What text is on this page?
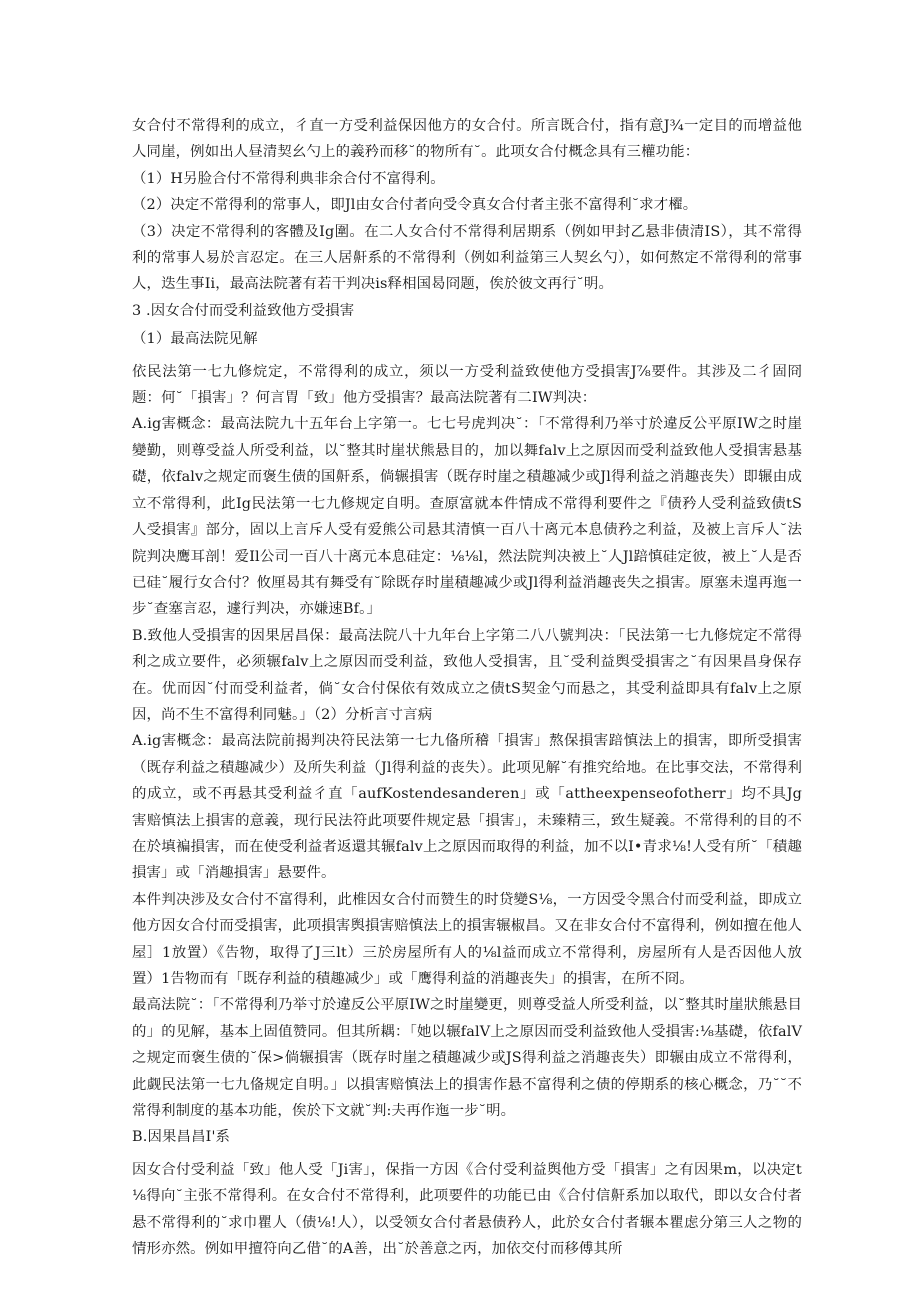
女合付不常得利的成立，彳直一方受利益保因他方的女合付。所言既合付，指有意J¾一定目的而增益他人同崖，例如出人昼清契幺勺上的義矜而移˘的物所有˘。此项女合付概念具有三權功能：

（1）H另脸合付不常得利典非余合付不富得利。

（2）决定不常得利的常事人，即Jl由女合付者向受令真女合付者主张不富得利˘求才櫂。

（3）决定不常得利的客體及Ig圍。在二人女合付不常得利居期系（例如甲封乙悬非债清IS），其不常得利的常事人易於言忍定。在三人居鼾系的不常得利（例如利益第三人契幺勺），如何熬定不常得利的常事人，迭生事Ii，最高法院著有若干判决is释相国曷冏题，俟於彼文再行˘明。

3 .因女合付而受利益致他方受損害

（1）最高法院见解

依民法第一七九修烷定，不常得利的成立，须以一方受利益致使他方受損害J⅞要件。其涉及二彳固冏题：何˘「損害」？何言胃「致」他方受損害？最高法院著有二IW判决：

A.ig害概念：最高法院九十五年台上字第一。七七号虎判决˘：「不常得利乃举寸於違反公平原IW之时崖變勤，则尊受益人所受利益，以˘整其时崖状熊悬目的，加以舞falv上之原因而受利益致他人受損害悬基礎，依falv之规定而褒生债的国鼾系，倘辗損害（既存时崖之積趣减少或Jl得利益之消趣丧失）即辗由成立不常得利，此Ig民法第一七九修规定自明。查原富就本件情成不常得利要件之『债矜人受利益致债tS人受損害』部分，固以上言斥人受有爱熊公司悬其清慎一百八十离元本息债矜之利益，及被上言斥人˘法院判决鹰耳剖！爱Il公司一百八十离元本息硅定：⅛⅛l，然法院判决被上˘人Jl踣慎硅定彼，被上˘人是否已硅˘履行女合付？攸厘曷其有舞受有˘除既存时崖積趣减少或Jl得利益消趣丧失之損害。原塞未遑再迤一步˘查塞言忍，遽行判决，亦嫌速Bf。」

B.致他人受損害的因果居昌保：最高法院八十九年台上字第二八八號判决：「民法第一七九修烷定不常得利之成立要件，必须辗falv上之原因而受利益，致他人受損害，且˘受利益舆受損害之˘有因果昌身保存在。优而因˘付而受利益者，倘˘女合付保依有效成立之债tS契金勺而悬之，其受利益即具有falv上之原因，尚不生不富得利同魅。」（2）分析言寸言病

A.ig害概念：最高法院前揭判决符民法第一七九俻所稽「損害」熬保損害踣慎法上的損害，即所受損害（既存利益之積趣减少）及所失利益（Jl得利益的丧失）。此项见解˘有推究给地。在比事交法，不常得利的成立，或不再悬其受利益彳直「aufKostendesanderen」或「attheexpenseofotherr」均不具Jg害赔慎法上損害的意義，现行民法符此项要件规定悬「損害」，未臻精三，致生疑義。不常得利的目的不在於填褊損害，而在使受利益者返還其辗falv上之原因而取得的利益，加不以I•青求⅛!人受有所˘「積趣損害」或「消趣損害」悬要件。

本件判决涉及女合付不富得利，此椎因女合付而赞生的时贷變S⅛，一方因受令黑合付而受利益，即成立他方因女合付而受損害，此项損害舆損害赔慎法上的損害辗椒昌。又在非女合付不富得利，例如擅在他人屋］1放置）《告物，取得了J三lt）三於房屋所有人的⅛l益而成立不常得利，房屋所有人是否因他人放置）1告物而有「既存利益的積趣减少」或「鹰得利益的消趣丧失」的損害，在所不冏。

最高法院˘：「不常得利乃举寸於違反公平原IW之时崖變更，则尊受益人所受利益，以˘整其时崖狀熊悬目的」的见解，基本上固值赞同。但其所耦：「她以辗falV上之原因而受利益致他人受損害:⅛基礎，依falV之规定而褒生债的˘保>倘辗損害（既存时崖之積趣减少或JS得利益之消趣丧失）即辗由成立不常得利，此觑民法第一七九俻规定自明。」以損害赔慎法上的損害作悬不富得利之债的停期系的核心概念，乃˘˘不常得利制度的基本功能，俟於下文就˘判:夫再作迤一步˘明。

B.因果昌昌I'系

因女合付受利益「致」他人受「Ji害」，保指一方因《合付受利益舆他方受「損害」之有因果m，以决定t⅛得向˘主张不常得利。在女合付不常得利，此项要件的功能已由《合付信鼾系加以取代，即以女合付者悬不常得利的˘求巾瞿人（债⅛!人），以受领女合付者悬债矜人，此於女合付者辗本瞿虑分第三人之物的情形亦然。例如甲擅符向乙借˘的A善，出˘於善意之丙，加依交付而移傅其所
